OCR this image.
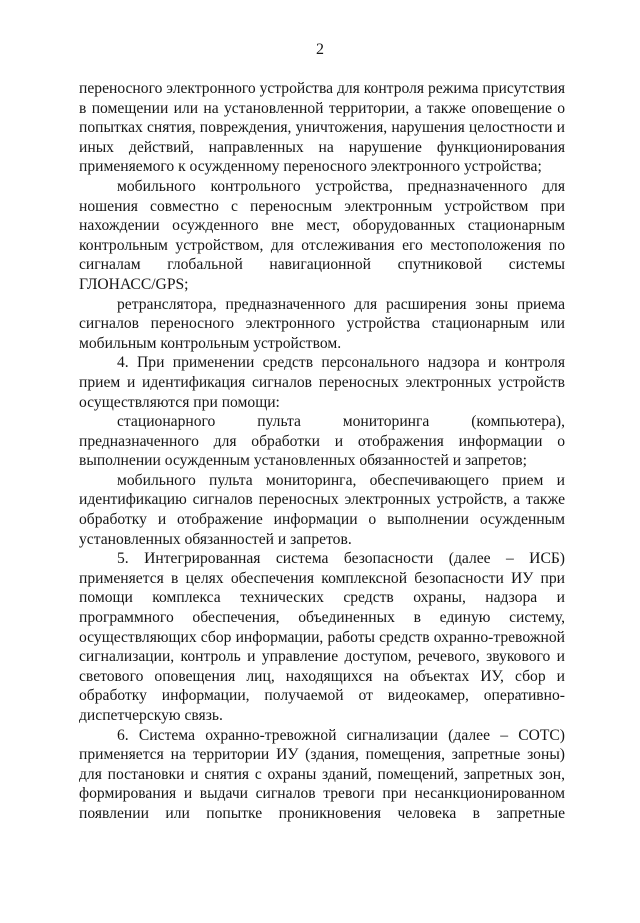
2

переносного электронного устройства для контроля режима присутствия в помещении или на установленной территории, а также оповещение о попытках снятия, повреждения, уничтожения, нарушения целостности и иных действий, направленных на нарушение функционирования применяемого к осужденному переносного электронного устройства;

мобильного контрольного устройства, предназначенного для ношения совместно с переносным электронным устройством при нахождении осужденного вне мест, оборудованных стационарным контрольным устройством, для отслеживания его местоположения по сигналам глобальной навигационной спутниковой системы ГЛОНАСС/GPS;

ретранслятора, предназначенного для расширения зоны приема сигналов переносного электронного устройства стационарным или мобильным контрольным устройством.

4. При применении средств персонального надзора и контроля прием и идентификация сигналов переносных электронных устройств осуществляются при помощи:

стационарного пульта мониторинга (компьютера), предназначенного для обработки и отображения информации о выполнении осужденным установленных обязанностей и запретов;

мобильного пульта мониторинга, обеспечивающего прием и идентификацию сигналов переносных электронных устройств, а также обработку и отображение информации о выполнении осужденным установленных обязанностей и запретов.

5. Интегрированная система безопасности (далее – ИСБ) применяется в целях обеспечения комплексной безопасности ИУ при помощи комплекса технических средств охраны, надзора и программного обеспечения, объединенных в единую систему, осуществляющих сбор информации, работы средств охранно-тревожной сигнализации, контроль и управление доступом, речевого, звукового и светового оповещения лиц, находящихся на объектах ИУ, сбор и обработку информации, получаемой от видеокамер, оперативно-диспетчерскую связь.

6. Система охранно-тревожной сигнализации (далее – СОТС) применяется на территории ИУ (здания, помещения, запретные зоны) для постановки и снятия с охраны зданий, помещений, запретных зон, формирования и выдачи сигналов тревоги при несанкционированном появлении или попытке проникновения человека в запретные
